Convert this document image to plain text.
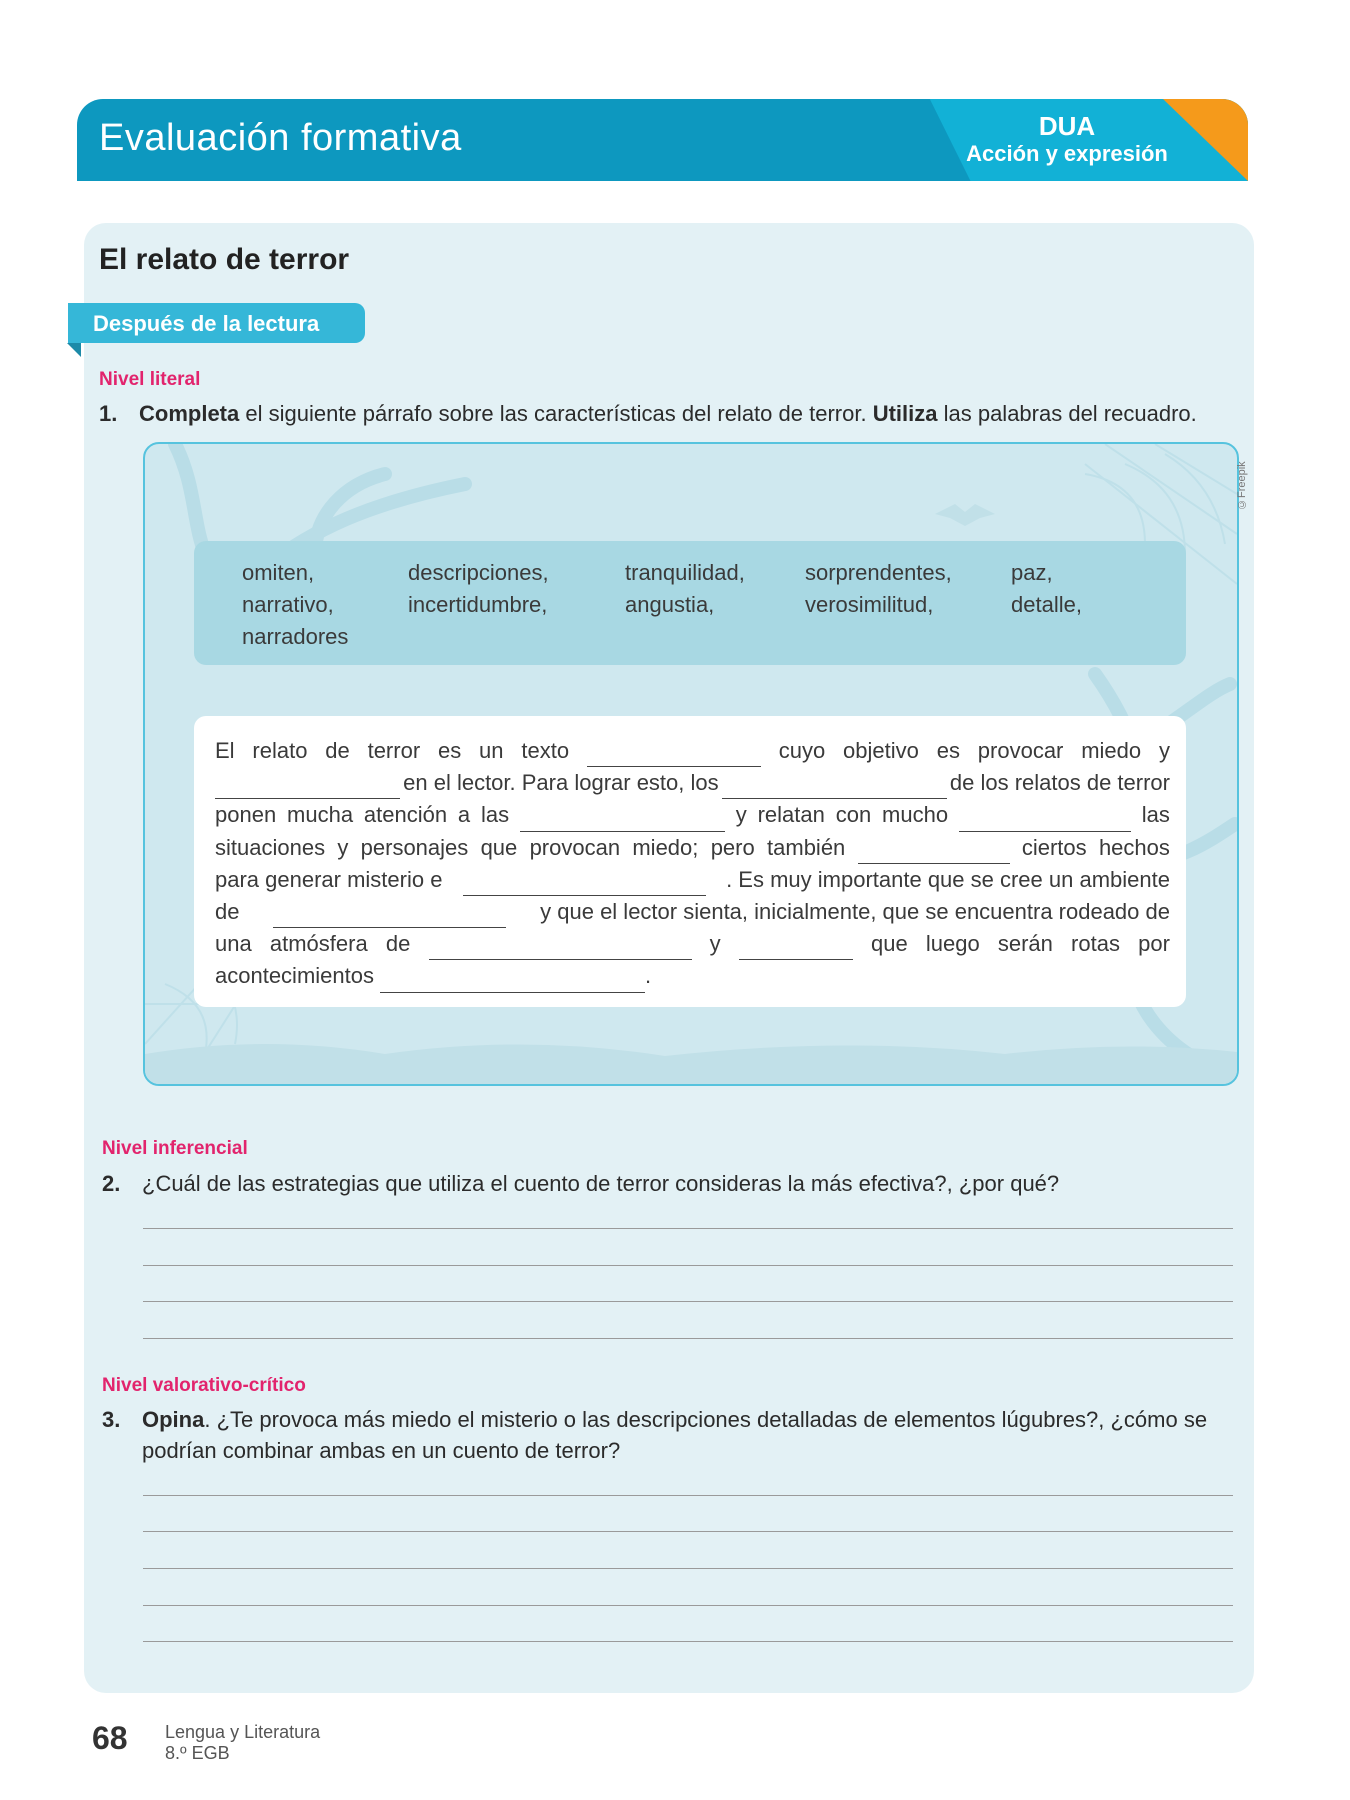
Evaluación formativa	DUA
Acción y expresión
El relato de terror
Después de la lectura
Nivel literal
1. Completa el siguiente párrafo sobre las características del relato de terror. Utiliza las palabras del recuadro.
©Freepik
omiten,
narrativo,
narradores
descripciones,
incertidumbre,
tranquilidad,
angustia,
sorprendentes,
verosimilitud,
paz,
detalle,
El relato de terror es un texto	cuyo objetivo es provocar miedo y
en el lector. Para lograr esto, los	de los relatos de terror
ponen mucha atención a las	y relatan con mucho	las
situaciones y personajes que provocan miedo; pero también	ciertos hechos
para generar misterio e	. Es muy importante que se cree un ambiente
de	y que el lector sienta, inicialmente, que se encuentra rodeado de
una atmósfera de	y	que luego serán rotas por
acontecimientos	.
Nivel inferencial
2. ¿Cuál de las estrategias que utiliza el cuento de terror consideras la más efectiva?, ¿por qué?
Nivel valorativo-crítico
3. Opina. ¿Te provoca más miedo el misterio o las descripciones detalladas de elementos lúgubres?, ¿cómo se
podrían combinar ambas en un cuento de terror?
68 Lengua y Literatura
8.º EGB
